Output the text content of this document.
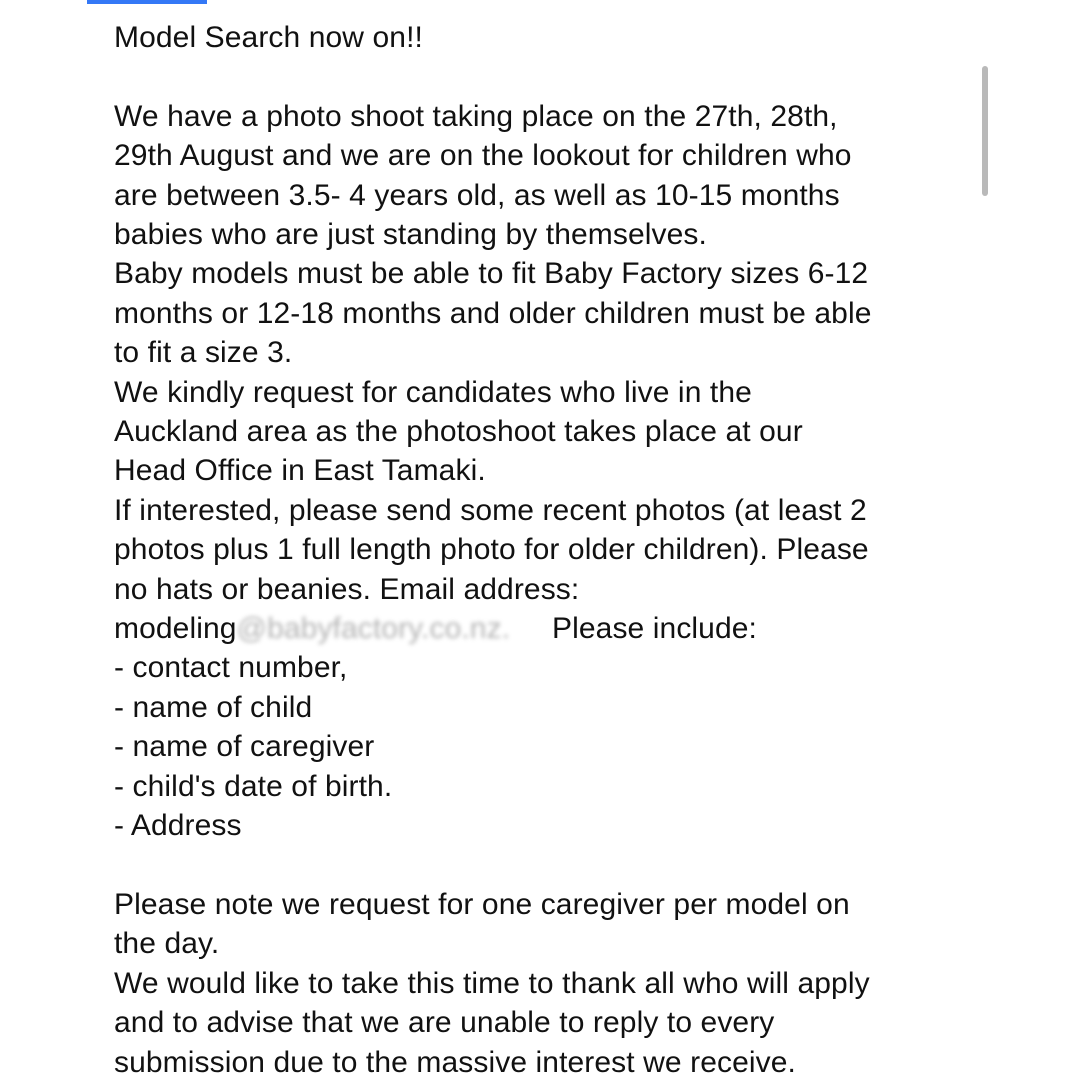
Model Search now on!!
We have a photo shoot taking place on the 27th, 28th,
29th August and we are on the lookout for children who
are between 3.5- 4 years old, as well as 10-15 months
babies who are just standing by themselves.
Baby models must be able to fit Baby Factory sizes 6-12
months or 12-18 months and older children must be able
to fit a size 3.
We kindly request for candidates who live in the
Auckland area as the photoshoot takes place at our
Head Office in East Tamaki.
If interested, please send some recent photos (at least 2
photos plus 1 full length photo for older children). Please
no hats or beanies. Email address:
modeling@babyfactory.co.nz. Please include:
- contact number,
- name of child
- name of caregiver
- child's date of birth.
- Address
Please note we request for one caregiver per model on
the day.
We would like to take this time to thank all who will apply
and to advise that we are unable to reply to every
submission due to the massive interest we receive.
